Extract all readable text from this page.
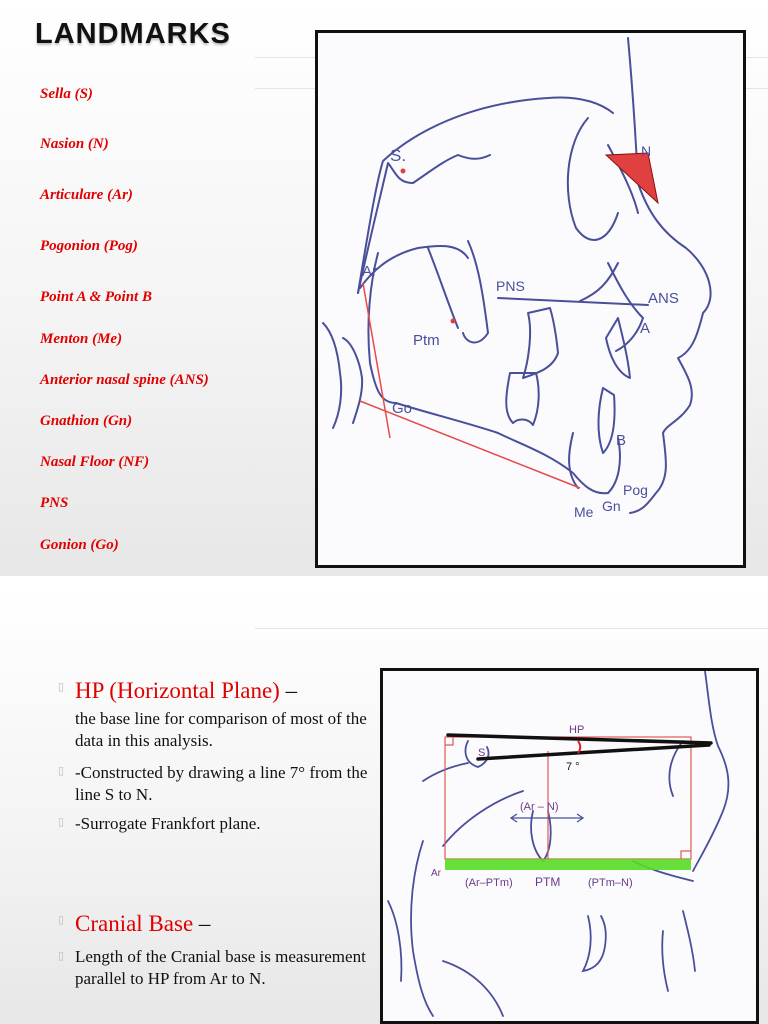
LANDMARKS
Sella (S)
Nasion (N)
Articulare (Ar)
Pogonion (Pog)
Point A & Point B
Menton (Me)
Anterior nasal spine (ANS)
Gnathion (Gn)
Nasal Floor (NF)
PNS
Gonion (Go)
S.	N
Ar
PNS
ANS
Ptm
A
Go
B
Pog
Me Gn
▯ HP (Horizontal Plane) –
the base line for comparison of most of the data in this analysis.
▯ -Constructed by drawing a line 7° from the line S to N.
▯ -Surrogate Frankfort plane.
▯ Cranial Base –
▯ Length of the Cranial base is measurement parallel to HP from Ar to N.
HP
S
7 °
(Ar – N)
Ar
(Ar–PTm) PTM	(PTm–N)
